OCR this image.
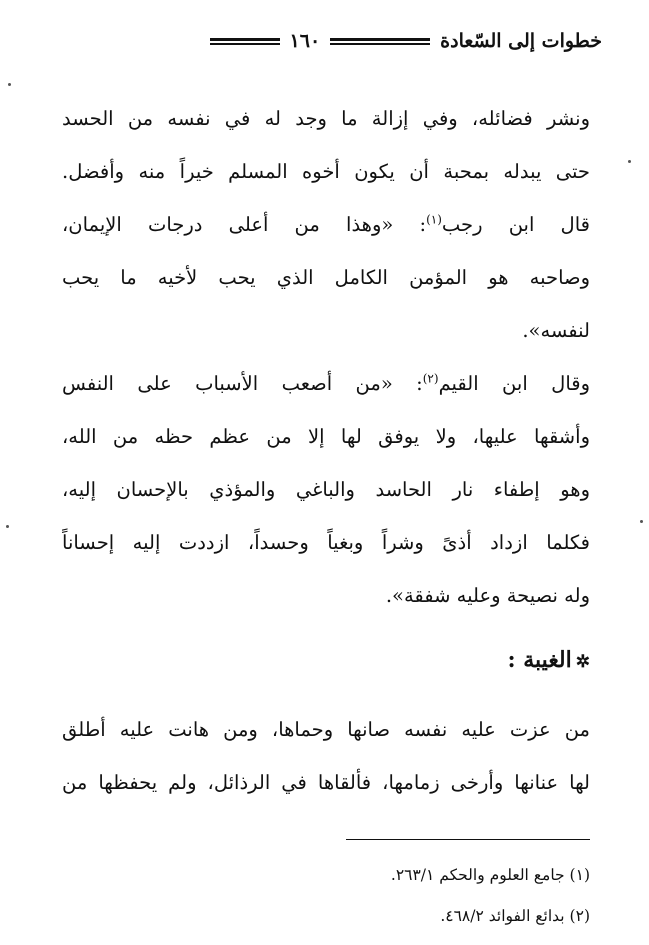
خطوات إلى السّعادة
١٦٠
ونشر فضائله، وفي إزالة ما وجد له في نفسه من الحسد
حتى يبدله بمحبة أن يكون أخوه المسلم خيراً منه وأفضل.
قال ابن رجب$^{(١)}$: «وهذا من أعلى درجات الإيمان،
وصاحبه هو المؤمن الكامل الذي يحب لأخيه ما يحب
لنفسه».
وقال ابن القيم$^{(٢)}$: «من أصعب الأسباب على النفس
وأشقها عليها، ولا يوفق لها إلا من عظم حظه من الله،
وهو إطفاء نار الحاسد والباغي والمؤذي بالإحسان إليه،
فكلما ازداد أذىً وشراً وبغياً وحسداً، ازددت إليه إحساناً
وله نصيحة وعليه شفقة».
✲الغيبة :
من عزت عليه نفسه صانها وحماها، ومن هانت عليه أطلق
لها عنانها وأرخى زمامها، فألقاها في الرذائل، ولم يحفظها من
(١) جامع العلوم والحكم ٢٦٣/١.
(٢) بدائع الفوائد ٤٦٨/٢.
